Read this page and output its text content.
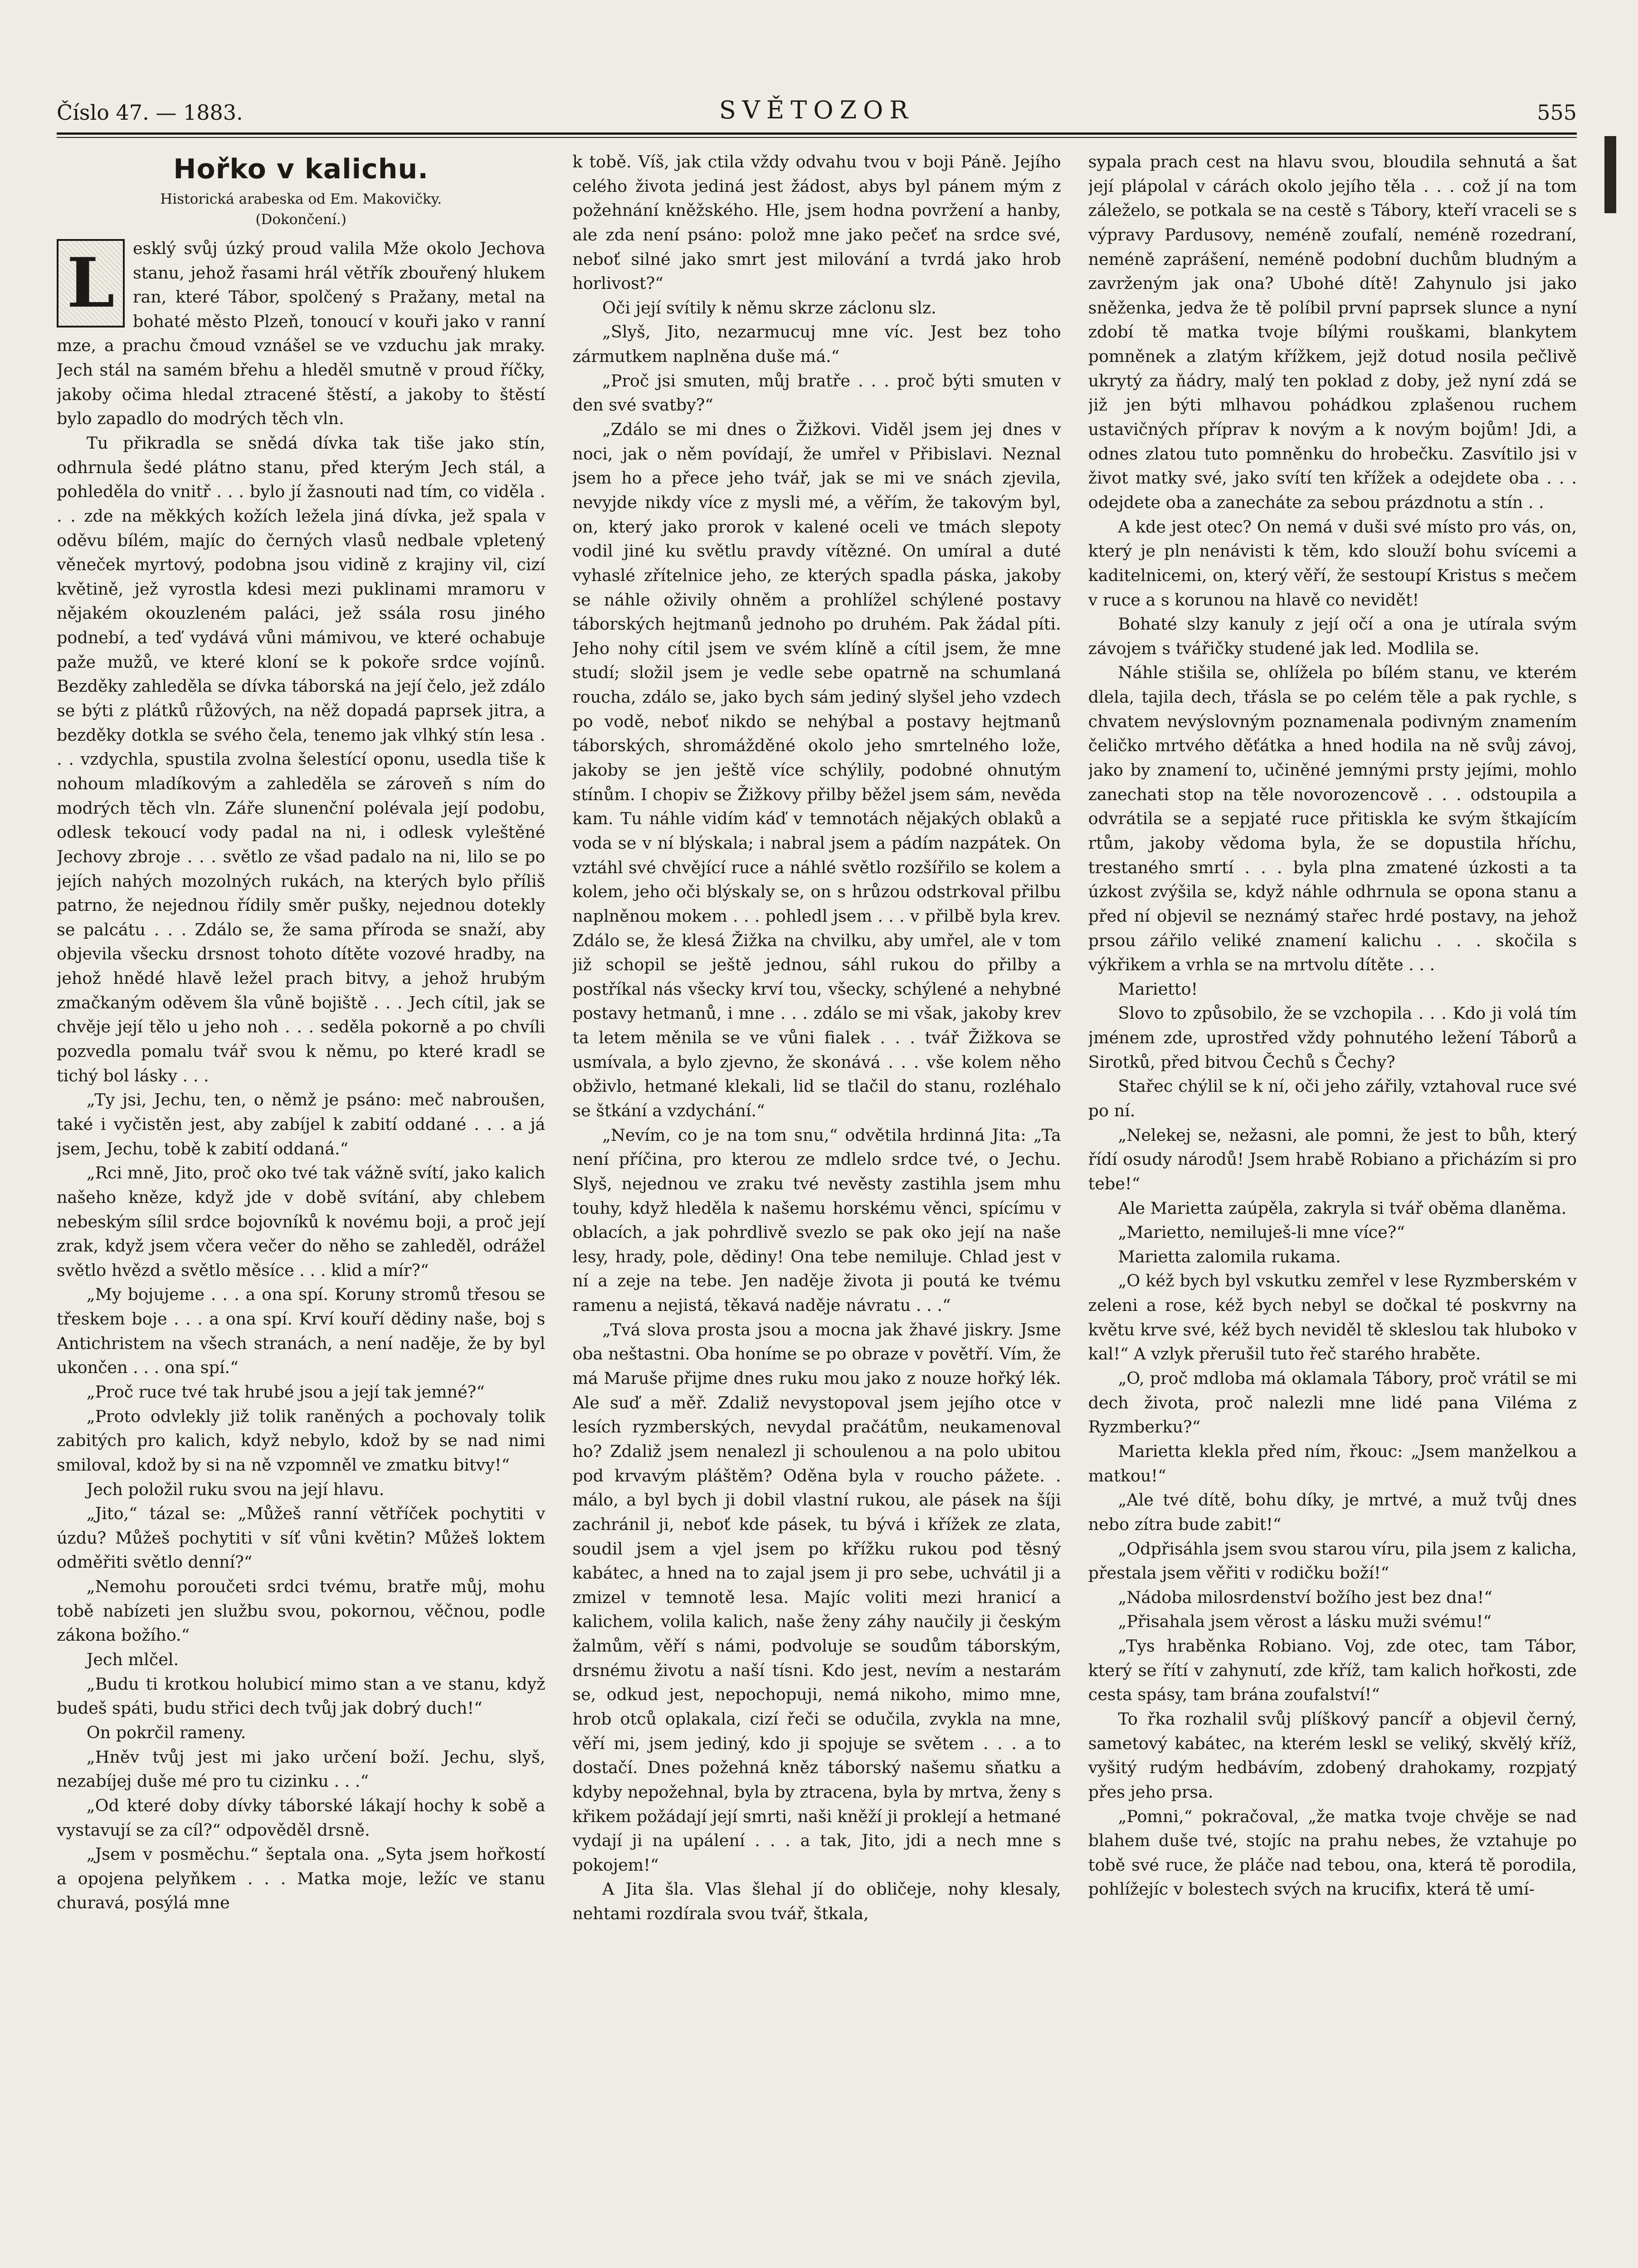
Číslo 47. — 1883.	SVĚTOZOR	555
Hořko v kalichu.
Historická arabeska od Em. Makovičky.
(Dokončení.)
L	esklý svůj úzký proud valila Mže okolo Jechova stanu, jehož řasami hrál větřík zbouřený hlukem ran, které Tábor, spolčený s Pražany, metal na bohaté město Plzeň, tonoucí v kouři jako v ranní mze, a prachu čmoud vznášel se ve vzduchu jak mraky. Jech stál na samém břehu a hleděl smutně v proud říčky, jakoby očima hledal ztracené štěstí, a jakoby to štěstí bylo zapadlo do modrých těch vln.

Tu přikradla se snědá dívka tak tiše jako stín, odhrnula šedé plátno stanu, před kterým Jech stál, a pohleděla do vnitř . . . bylo jí žasnouti nad tím, co viděla . . . zde na měkkých kožích ležela jiná dívka, jež spala v oděvu bílém, majíc do černých vlasů nedbale vpletený věneček myrtový, podobna jsou vidině z krajiny vil, cizí květině, jež vyrostla kdesi mezi puklinami mramoru v nějakém okouzleném paláci, jež ssála rosu jiného podnebí, a teď vydává vůni mámivou, ve které ochabuje paže mužů, ve které kloní se k pokoře srdce vojínů. Bezděky zahleděla se dívka táborská na její čelo, jež zdálo se býti z plátků růžových, na něž dopadá paprsek jitra, a bezděky dotkla se svého čela, tenemo jak vlhký stín lesa . . . vzdychla, spustila zvolna šelestící oponu, usedla tiše k nohoum mladíkovým a zahleděla se zároveň s ním do modrých těch vln. Záře slunenční polévala její podobu, odlesk tekoucí vody padal na ni, i odlesk vyleštěné Jechovy zbroje . . . světlo ze všad padalo na ni, lilo se po jejích nahých mozolných rukách, na kterých bylo příliš patrno, že nejednou řídily směr pušky, nejednou dotekly se palcátu . . . Zdálo se, že sama příroda se snaží, aby objevila všecku drsnost tohoto dítěte vozové hradby, na jehož hnědé hlavě ležel prach bitvy, a jehož hrubým zmačkaným oděvem šla vůně bojiště . . . Jech cítil, jak se chvěje její tělo u jeho noh . . . seděla pokorně a po chvíli pozvedla pomalu tvář svou k němu, po které kradl se tichý bol lásky . . .

„Ty jsi, Jechu, ten, o němž je psáno: meč nabroušen, také i vyčistěn jest, aby zabíjel k zabití oddané . . . a já jsem, Jechu, tobě k zabití oddaná.“

„Rci mně, Jito, proč oko tvé tak vážně svítí, jako kalich našeho kněze, když jde v době svítání, aby chlebem nebeským sílil srdce bojovníků k novému boji, a proč její zrak, když jsem včera večer do něho se zahleděl, odrážel světlo hvězd a světlo měsíce . . . klid a mír?“

„My bojujeme . . . a ona spí. Koruny stromů třesou se třeskem boje . . . a ona spí. Krví kouří dědiny naše, boj s Antichristem na všech stranách, a není naděje, že by byl ukončen . . . ona spí.“

„Proč ruce tvé tak hrubé jsou a její tak jemné?“

„Proto odvlekly již tolik raněných a pochovaly tolik zabitých pro kalich, když nebylo, kdož by se nad nimi smiloval, kdož by si na ně vzpomněl ve zmatku bitvy!“

Jech položil ruku svou na její hlavu.

„Jito,“ tázal se: „Můžeš ranní větříček pochytiti v úzdu? Můžeš pochytiti v síť vůni květin? Můžeš loktem odměřiti světlo denní?“

„Nemohu poroučeti srdci tvému, bratře můj, mohu tobě nabízeti jen službu svou, pokornou, věčnou, podle zákona božího.“

Jech mlčel.

„Budu ti krotkou holubicí mimo stan a ve stanu, když budeš spáti, budu střici dech tvůj jak dobrý duch!“

On pokrčil rameny.

„Hněv tvůj jest mi jako určení boží. Jechu, slyš, nezabíjej duše mé pro tu cizinku . . .“

„Od které doby dívky táborské lákají hochy k sobě a vystavují se za cíl?“ odpověděl drsně.

„Jsem v posměchu.“ šeptala ona. „Syta jsem hořkostí a opojena pelyňkem . . . Matka moje, ležíc ve stanu churavá, posýlá mne

k tobě. Víš, jak ctila vždy odvahu tvou v boji Páně. Jejího celého života jediná jest žádost, abys byl pánem mým z požehnání kněžského. Hle, jsem hodna povržení a hanby, ale zda není psáno: polož mne jako pečeť na srdce své, neboť silné jako smrt jest milování a tvrdá jako hrob horlivost?“

Oči její svítily k němu skrze záclonu slz.

„Slyš, Jito, nezarmucuj mne víc. Jest bez toho zármutkem naplněna duše má.“

„Proč jsi smuten, můj bratře . . . proč býti smuten v den své svatby?“

„Zdálo se mi dnes o Žižkovi. Viděl jsem jej dnes v noci, jak o něm povídají, že umřel v Přibislavi. Neznal jsem ho a přece jeho tvář, jak se mi ve snách zjevila, nevyjde nikdy více z mysli mé, a věřím, že takovým byl, on, který jako prorok v kalené oceli ve tmách slepoty vodil jiné ku světlu pravdy vítězné. On umíral a duté vyhaslé zřítelnice jeho, ze kterých spadla páska, jakoby se náhle oživily ohněm a prohlížel schýlené postavy táborských hejtmanů jednoho po druhém. Pak žádal píti. Jeho nohy cítil jsem ve svém klíně a cítil jsem, že mne studí; složil jsem je vedle sebe opatrně na schumlaná roucha, zdálo se, jako bych sám jediný slyšel jeho vzdech po vodě, neboť nikdo se nehýbal a postavy hejtmanů táborských, shromážděné okolo jeho smrtelného lože, jakoby se jen ještě více schýlily, podobné ohnutým stínům. I chopiv se Žižkovy přilby běžel jsem sám, nevěda kam. Tu náhle vidím káď v temnotách nějakých oblaků a voda se v ní blýskala; i nabral jsem a pádím nazpátek. On vztáhl své chvějící ruce a náhlé světlo rozšířilo se kolem a kolem, jeho oči blýskaly se, on s hrůzou odstrkoval přilbu naplněnou mokem . . . pohledl jsem . . . v přilbě byla krev. Zdálo se, že klesá Žižka na chvilku, aby umřel, ale v tom již schopil se ještě jednou, sáhl rukou do přilby a postříkal nás všecky krví tou, všecky, schýlené a nehybné postavy hetmanů, i mne . . . zdálo se mi však, jakoby krev ta letem měnila se ve vůni fialek . . . tvář Žižkova se usmívala, a bylo zjevno, že skonává . . . vše kolem něho obživlo, hetmané klekali, lid se tlačil do stanu, rozléhalo se štkání a vzdychání.“

„Nevím, co je na tom snu,“ odvětila hrdinná Jita: „Ta není příčina, pro kterou ze mdlelo srdce tvé, o Jechu. Slyš, nejednou ve zraku tvé nevěsty zastihla jsem mhu touhy, když hleděla k našemu horskému věnci, spícímu v oblacích, a jak pohrdlivě svezlo se pak oko její na naše lesy, hrady, pole, dědiny! Ona tebe nemiluje. Chlad jest v ní a zeje na tebe. Jen naděje života ji poutá ke tvému ramenu a nejistá, těkavá naděje návratu . . .“

„Tvá slova prosta jsou a mocna jak žhavé jiskry. Jsme oba neštastni. Oba honíme se po obraze v povětří. Vím, že má Maruše přijme dnes ruku mou jako z nouze hořký lék. Ale suď a měř. Zdaliž nevystopoval jsem jejího otce v lesích ryzmberských, nevydal pračátům, neukamenoval ho? Zdaliž jsem nenalezl ji schoulenou a na polo ubitou pod krvavým pláštěm? Oděna byla v roucho pážete. . málo, a byl bych ji dobil vlastní rukou, ale pásek na šíji zachránil ji, neboť kde pásek, tu bývá i křížek ze zlata, soudil jsem a vjel jsem po křížku rukou pod těsný kabátec, a hned na to zajal jsem ji pro sebe, uchvátil ji a zmizel v temnotě lesa. Majíc voliti mezi hranicí a kalichem, volila kalich, naše ženy záhy naučily ji českým žalmům, věří s námi, podvoluje se soudům táborským, drsnému životu a naší tísni. Kdo jest, nevím a nestarám se, odkud jest, nepochopuji, nemá nikoho, mimo mne, hrob otců oplakala, cizí řeči se odučila, zvykla na mne, věří mi, jsem jediný, kdo ji spojuje se světem . . . a to dostačí. Dnes požehná kněz táborský našemu sňatku a kdyby nepožehnal, byla by ztracena, byla by mrtva, ženy s křikem požádají její smrti, naši kněží ji proklejí a hetmané vydají ji na upálení . . . a tak, Jito, jdi a nech mne s pokojem!“

A Jita šla. Vlas šlehal jí do obličeje, nohy klesaly, nehtami rozdírala svou tvář, štkala,

sypala prach cest na hlavu svou, bloudila sehnutá a šat její plápolal v cárách okolo jejího těla . . . což jí na tom záleželo, se potkala se na cestě s Tábory, kteří vraceli se s výpravy Pardusovy, neméně zoufalí, neméně rozedraní, neméně zaprášení, neméně podobní duchům bludným a zavrženým jak ona? Ubohé dítě! Zahynulo jsi jako sněženka, jedva že tě políbil první paprsek slunce a nyní zdobí tě matka tvoje bílými rouškami, blankytem pomněnek a zlatým křížkem, jejž dotud nosila pečlivě ukrytý za ňádry, malý ten poklad z doby, jež nyní zdá se již jen býti mlhavou pohádkou zplašenou ruchem ustavičných příprav k novým a k novým bojům! Jdi, a odnes zlatou tuto pomněnku do hrobečku. Zasvítilo jsi v život matky své, jako svítí ten křížek a odejdete oba . . . odejdete oba a zanecháte za sebou prázdnotu a stín . .

A kde jest otec? On nemá v duši své místo pro vás, on, který je pln nenávisti k těm, kdo slouží bohu svícemi a kaditelnicemi, on, který věří, že sestoupí Kristus s mečem v ruce a s korunou na hlavě co nevidět!

Bohaté slzy kanuly z její očí a ona je utírala svým závojem s tvářičky studené jak led. Modlila se.

Náhle stišila se, ohlížela po bílém stanu, ve kterém dlela, tajila dech, třásla se po celém těle a pak rychle, s chvatem nevýslovným poznamenala podivným znamením čeličko mrtvého děťátka a hned hodila na ně svůj závoj, jako by znamení to, učiněné jemnými prsty jejími, mohlo zanechati stop na těle novorozencově . . . odstoupila a odvrátila se a sepjaté ruce přitiskla ke svým štkajícím rtům, jakoby vědoma byla, že se dopustila hříchu, trestaného smrtí . . . byla plna zmatené úzkosti a ta úzkost zvýšila se, když náhle odhrnula se opona stanu a před ní objevil se neznámý stařec hrdé postavy, na jehož prsou zářilo veliké znamení kalichu . . . skočila s výkřikem a vrhla se na mrtvolu dítěte . . .

Marietto!

Slovo to způsobilo, že se vzchopila . . . Kdo ji volá tím jménem zde, uprostřed vždy pohnutého ležení Táborů a Sirotků, před bitvou Čechů s Čechy?

Stařec chýlil se k ní, oči jeho zářily, vztahoval ruce své po ní.

„Nelekej se, nežasni, ale pomni, že jest to bůh, který řídí osudy národů! Jsem hrabě Robiano a přicházím si pro tebe!“

Ale Marietta zaúpěla, zakryla si tvář oběma dlaněma.

„Marietto, nemiluješ-li mne více?“

Marietta zalomila rukama.

„O kéž bych byl vskutku zemřel v lese Ryzmberském v zeleni a rose, kéž bych nebyl se dočkal té poskvrny na květu krve své, kéž bych neviděl tě skleslou tak hluboko v kal!“ A vzlyk přerušil tuto řeč starého hraběte.

„O, proč mdloba má oklamala Tábory, proč vrátil se mi dech života, proč nalezli mne lidé pana Viléma z Ryzmberku?“

Marietta klekla před ním, řkouc: „Jsem manželkou a matkou!“

„Ale tvé dítě, bohu díky, je mrtvé, a muž tvůj dnes nebo zítra bude zabit!“

„Odpřisáhla jsem svou starou víru, pila jsem z kalicha, přestala jsem věřiti v rodičku boží!“

„Nádoba milosrdenství božího jest bez dna!“

„Přisahala jsem věrost a lásku muži svému!“

„Tys hraběnka Robiano. Voj, zde otec, tam Tábor, který se řítí v zahynutí, zde kříž, tam kalich hořkosti, zde cesta spásy, tam brána zoufalství!“

To řka rozhalil svůj plíškový pancíř a objevil černý, sametový kabátec, na kterém leskl se veliký, skvělý kříž, vyšitý rudým hedbávím, zdobený drahokamy, rozpjatý přes jeho prsa.

„Pomni,“ pokračoval, „že matka tvoje chvěje se nad blahem duše tvé, stojíc na prahu nebes, že vztahuje po tobě své ruce, že pláče nad tebou, ona, která tě porodila, pohlížejíc v bolestech svých na krucifix, která tě umí-
